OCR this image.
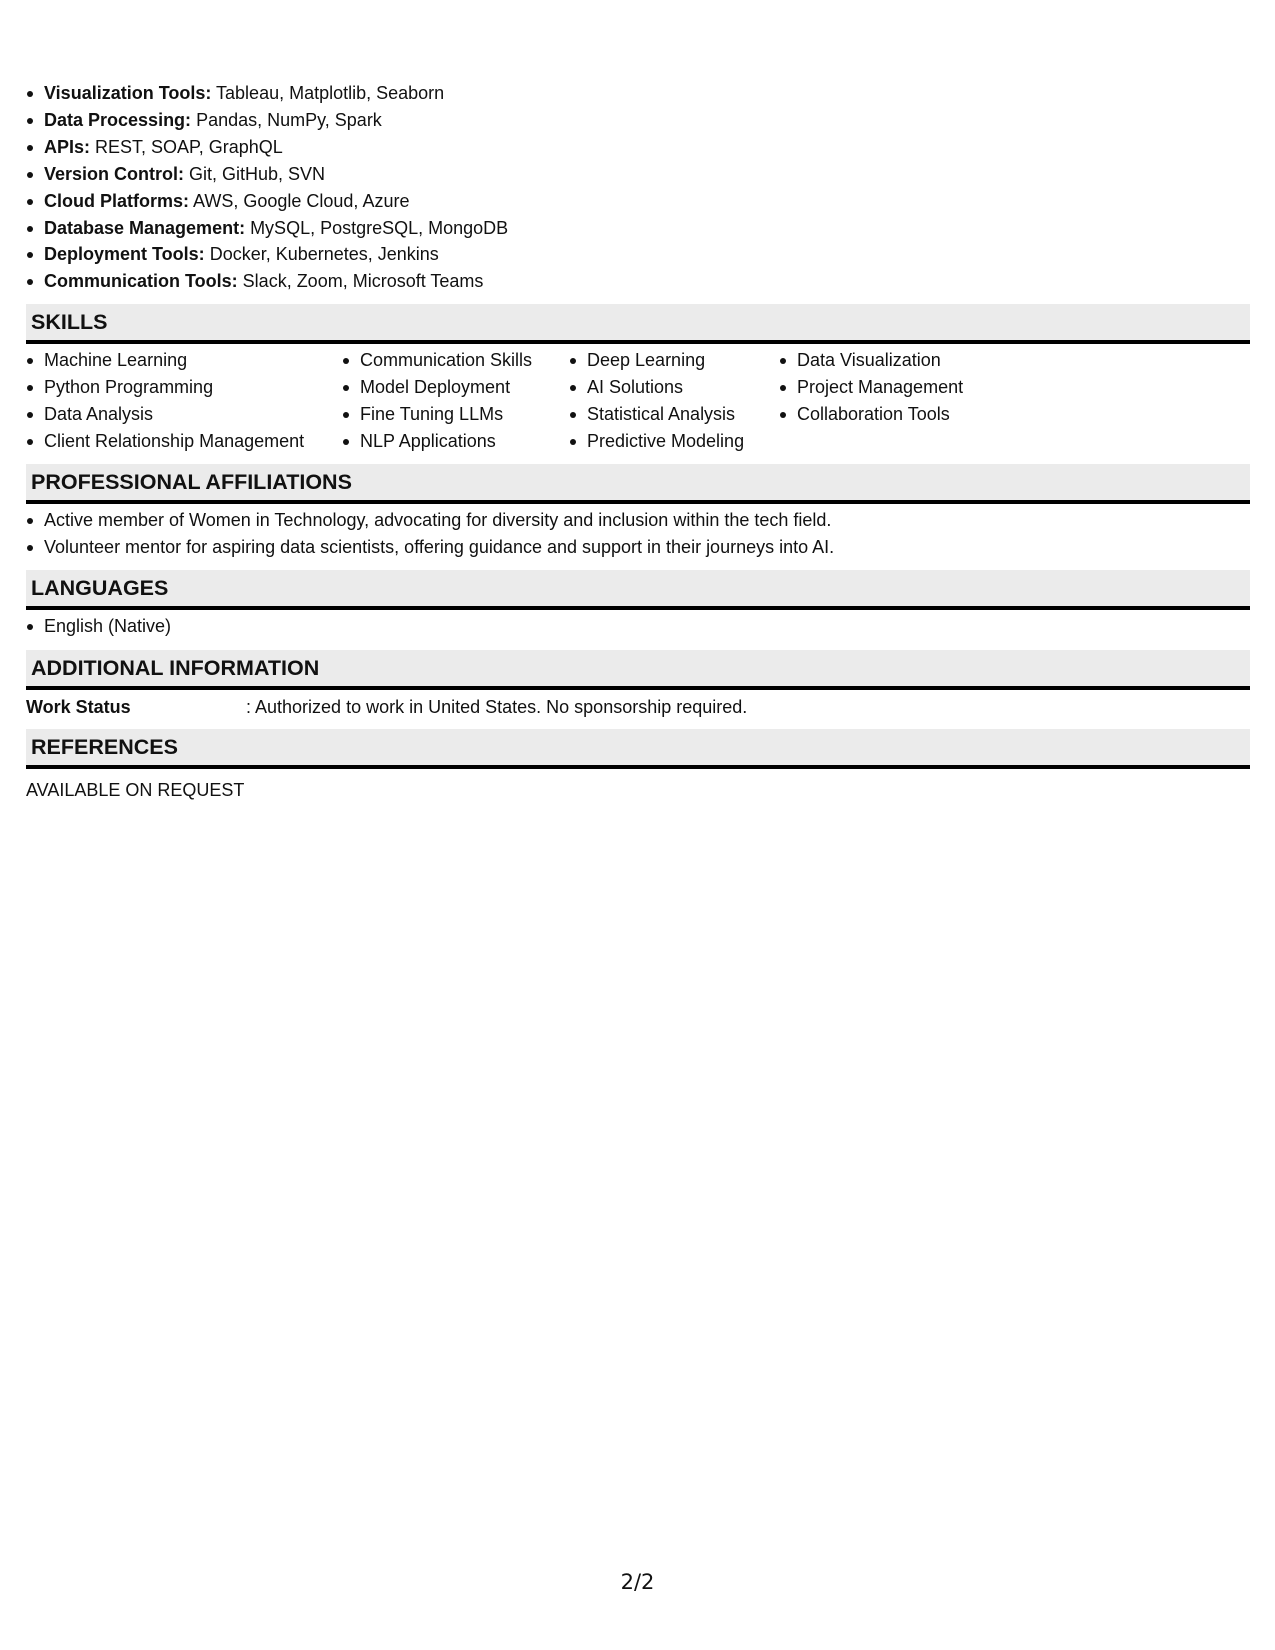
Visualization Tools: Tableau, Matplotlib, Seaborn
Data Processing: Pandas, NumPy, Spark
APIs: REST, SOAP, GraphQL
Version Control: Git, GitHub, SVN
Cloud Platforms: AWS, Google Cloud, Azure
Database Management: MySQL, PostgreSQL, MongoDB
Deployment Tools: Docker, Kubernetes, Jenkins
Communication Tools: Slack, Zoom, Microsoft Teams
SKILLS
Machine Learning
Python Programming
Data Analysis
Client Relationship Management
Communication Skills
Model Deployment
Fine Tuning LLMs
NLP Applications
Deep Learning
AI Solutions
Statistical Analysis
Predictive Modeling
Data Visualization
Project Management
Collaboration Tools
PROFESSIONAL AFFILIATIONS
Active member of Women in Technology, advocating for diversity and inclusion within the tech field.
Volunteer mentor for aspiring data scientists, offering guidance and support in their journeys into AI.
LANGUAGES
English (Native)
ADDITIONAL INFORMATION
Work Status	: Authorized to work in United States. No sponsorship required.
REFERENCES
AVAILABLE ON REQUEST
2/2
